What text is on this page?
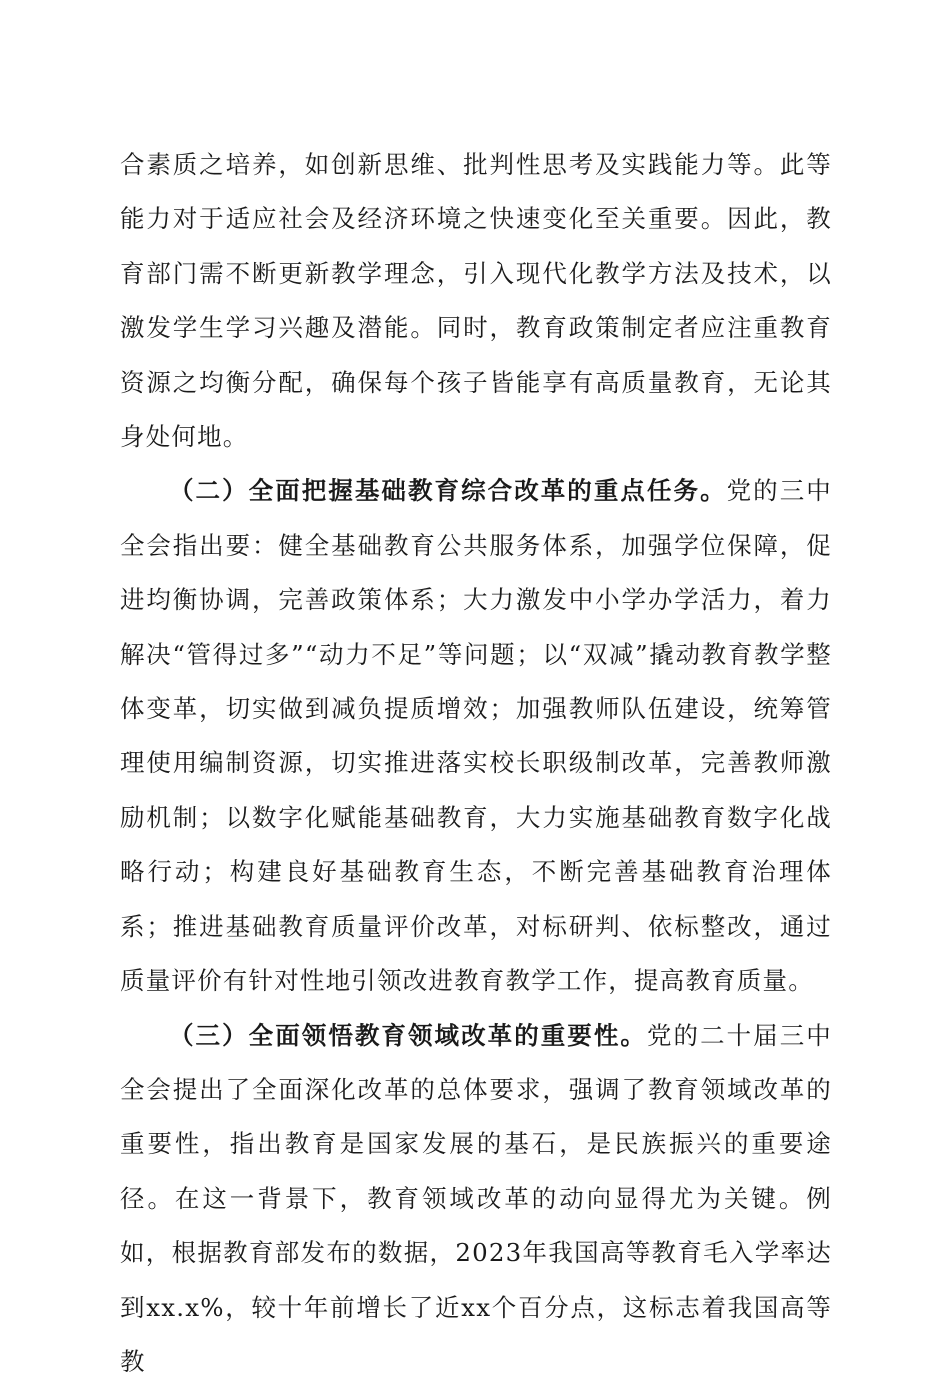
合素质之培养，如创新思维、批判性思考及实践能力等。此等能力对于适应社会及经济环境之快速变化至关重要。因此，教育部门需不断更新教学理念，引入现代化教学方法及技术，以激发学生学习兴趣及潜能。同时，教育政策制定者应注重教育资源之均衡分配，确保每个孩子皆能享有高质量教育，无论其身处何地。

（二）全面把握基础教育综合改革的重点任务。党的三中全会指出要：健全基础教育公共服务体系，加强学位保障，促进均衡协调，完善政策体系；大力激发中小学办学活力，着力解决“管得过多”“动力不足”等问题；以“双减”撬动教育教学整体变革，切实做到减负提质增效；加强教师队伍建设，统筹管理使用编制资源，切实推进落实校长职级制改革，完善教师激励机制；以数字化赋能基础教育，大力实施基础教育数字化战略行动；构建良好基础教育生态，不断完善基础教育治理体系；推进基础教育质量评价改革，对标研判、依标整改，通过质量评价有针对性地引领改进教育教学工作，提高教育质量。

（三）全面领悟教育领域改革的重要性。党的二十届三中全会提出了全面深化改革的总体要求，强调了教育领域改革的重要性，指出教育是国家发展的基石，是民族振兴的重要途径。在这一背景下，教育领域改革的动向显得尤为关键。例如，根据教育部发布的数据，2023年我国高等教育毛入学率达到xx.x%，较十年前增长了近xx个百分点，这标志着我国高等教
